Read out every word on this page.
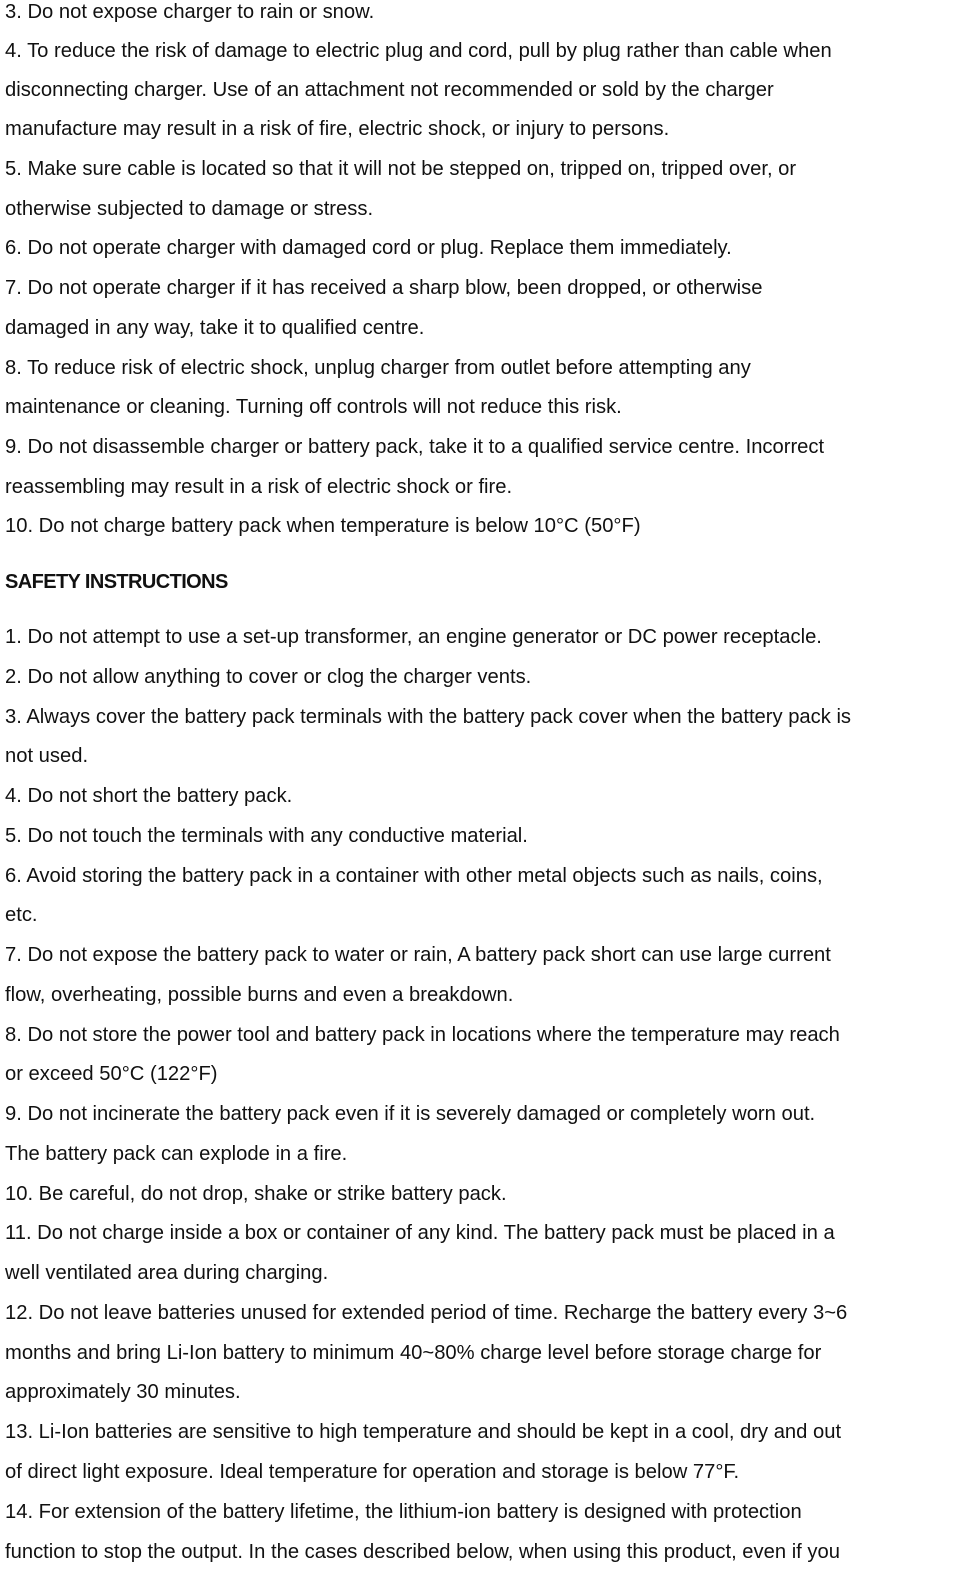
3. Do not expose charger to rain or snow.
4. To reduce the risk of damage to electric plug and cord, pull by plug rather than cable when
disconnecting charger. Use of an attachment not recommended or sold by the charger
manufacture may result in a risk of fire, electric shock, or injury to persons.
5. Make sure cable is located so that it will not be stepped on, tripped on, tripped over, or
otherwise subjected to damage or stress.
6. Do not operate charger with damaged cord or plug. Replace them immediately.
7. Do not operate charger if it has received a sharp blow, been dropped, or otherwise
damaged in any way, take it to qualified centre.
8. To reduce risk of electric shock, unplug charger from outlet before attempting any
maintenance or cleaning. Turning off controls will not reduce this risk.
9. Do not disassemble charger or battery pack, take it to a qualified service centre. Incorrect
reassembling may result in a risk of electric shock or fire.
10. Do not charge battery pack when temperature is below 10°C (50°F)
SAFETY INSTRUCTIONS
1. Do not attempt to use a set-up transformer, an engine generator or DC power receptacle.
2. Do not allow anything to cover or clog the charger vents.
3. Always cover the battery pack terminals with the battery pack cover when the battery pack is
not used.
4. Do not short the battery pack.
5. Do not touch the terminals with any conductive material.
6. Avoid storing the battery pack in a container with other metal objects such as nails, coins,
etc.
7. Do not expose the battery pack to water or rain, A battery pack short can use large current
flow, overheating, possible burns and even a breakdown.
8. Do not store the power tool and battery pack in locations where the temperature may reach
or exceed 50°C (122°F)
9. Do not incinerate the battery pack even if it is severely damaged or completely worn out.
The battery pack can explode in a fire.
10. Be careful, do not drop, shake or strike battery pack.
11. Do not charge inside a box or container of any kind. The battery pack must be placed in a
well ventilated area during charging.
12. Do not leave batteries unused for extended period of time. Recharge the battery every 3~6
months and bring Li-Ion battery to minimum 40~80% charge level before storage charge for
approximately 30 minutes.
13. Li-Ion batteries are sensitive to high temperature and should be kept in a cool, dry and out
of direct light exposure. Ideal temperature for operation and storage is below 77°F.
14. For extension of the battery lifetime, the lithium-ion battery is designed with protection
function to stop the output. In the cases described below, when using this product, even if you
